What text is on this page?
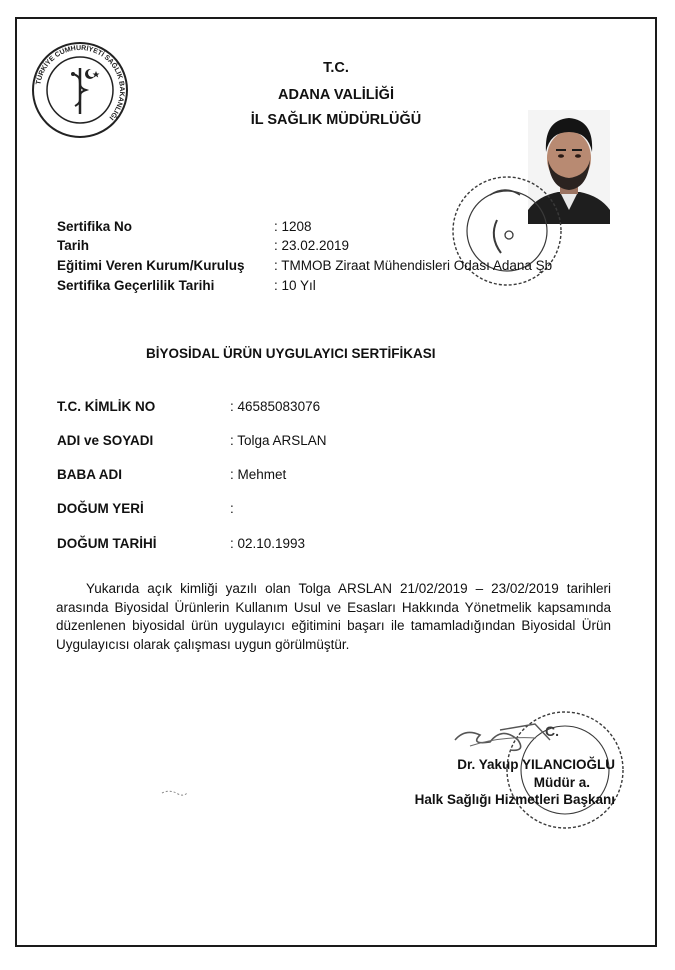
TÜRKİYE CUMHURİYETİ SAĞLIK BAKANLIĞI
T.C.
ADANA VALİLİĞİ
İL SAĞLIK MÜDÜRLÜĞÜ
Sertifika No	: 1208
Tarih	: 23.02.2019
Eğitimi Veren Kurum/Kuruluş : TMMOB Ziraat Mühendisleri Odası Adana Şb
Sertifika Geçerlilik Tarihi	: 10 Yıl
BİYOSİDAL ÜRÜN UYGULAYICI SERTİFİKASI
T.C. KİMLİK NO	: 46585083076
ADI ve SOYADI	: Tolga ARSLAN
BABA ADI	: Mehmet
DOĞUM YERİ	:
DOĞUM TARİHİ	: 02.10.1993
Yukarıda açık kimliği yazılı olan Tolga ARSLAN 21/02/2019 – 23/02/2019 tarihleri arasında Biyosidal Ürünlerin Kullanım Usul ve Esasları Hakkında Yönetmelik kapsamında düzenlenen biyosidal ürün uygulayıcı eğitimini başarı ile tamamladığından Biyosidal Ürün Uygulayıcısı olarak çalışması uygun görülmüştür.
C.
Dr. Yakup YILANCIOĞLU
Müdür a.
Halk Sağlığı Hizmetleri Başkanı
